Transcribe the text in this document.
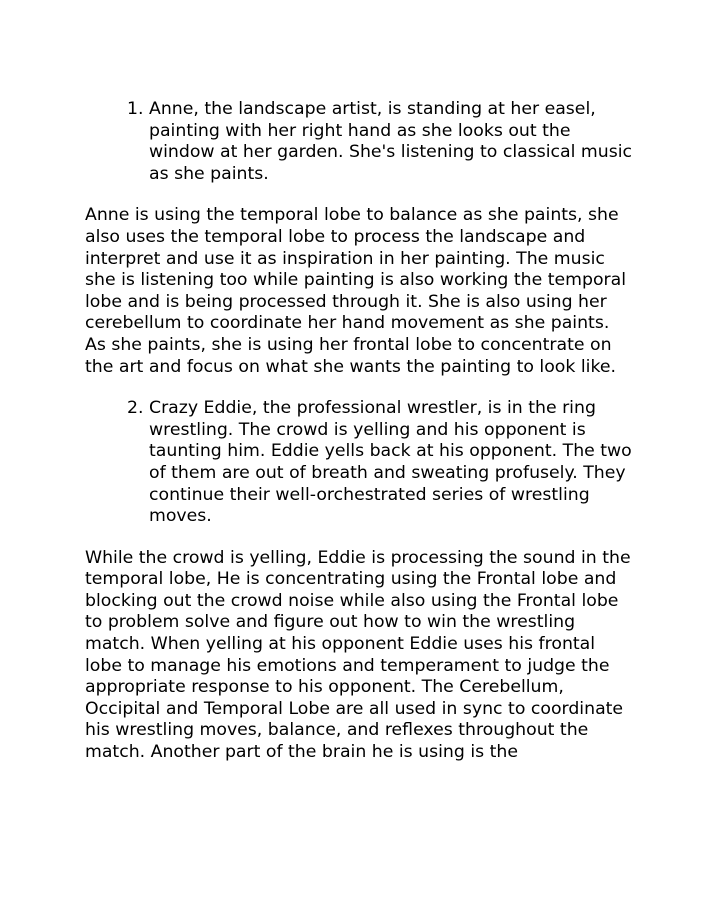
1. Anne, the landscape artist, is standing at her easel, painting with her right hand as she looks out the window at her garden. She's listening to classical music as she paints.

Anne is using the temporal lobe to balance as she paints, she also uses the temporal lobe to process the landscape and interpret and use it as inspiration in her painting. The music she is listening too while painting is also working the temporal lobe and is being processed through it. She is also using her cerebellum to coordinate her hand movement as she paints. As she paints, she is using her frontal lobe to concentrate on the art and focus on what she wants the painting to look like.

2. Crazy Eddie, the professional wrestler, is in the ring wrestling. The crowd is yelling and his opponent is taunting him. Eddie yells back at his opponent. The two of them are out of breath and sweating profusely. They continue their well-orchestrated series of wrestling moves.

While the crowd is yelling, Eddie is processing the sound in the temporal lobe, He is concentrating using the Frontal lobe and blocking out the crowd noise while also using the Frontal lobe to problem solve and figure out how to win the wrestling match. When yelling at his opponent Eddie uses his frontal lobe to manage his emotions and temperament to judge the appropriate response to his opponent. The Cerebellum, Occipital and Temporal Lobe are all used in sync to coordinate his wrestling moves, balance, and reflexes throughout the match. Another part of the brain he is using is the
